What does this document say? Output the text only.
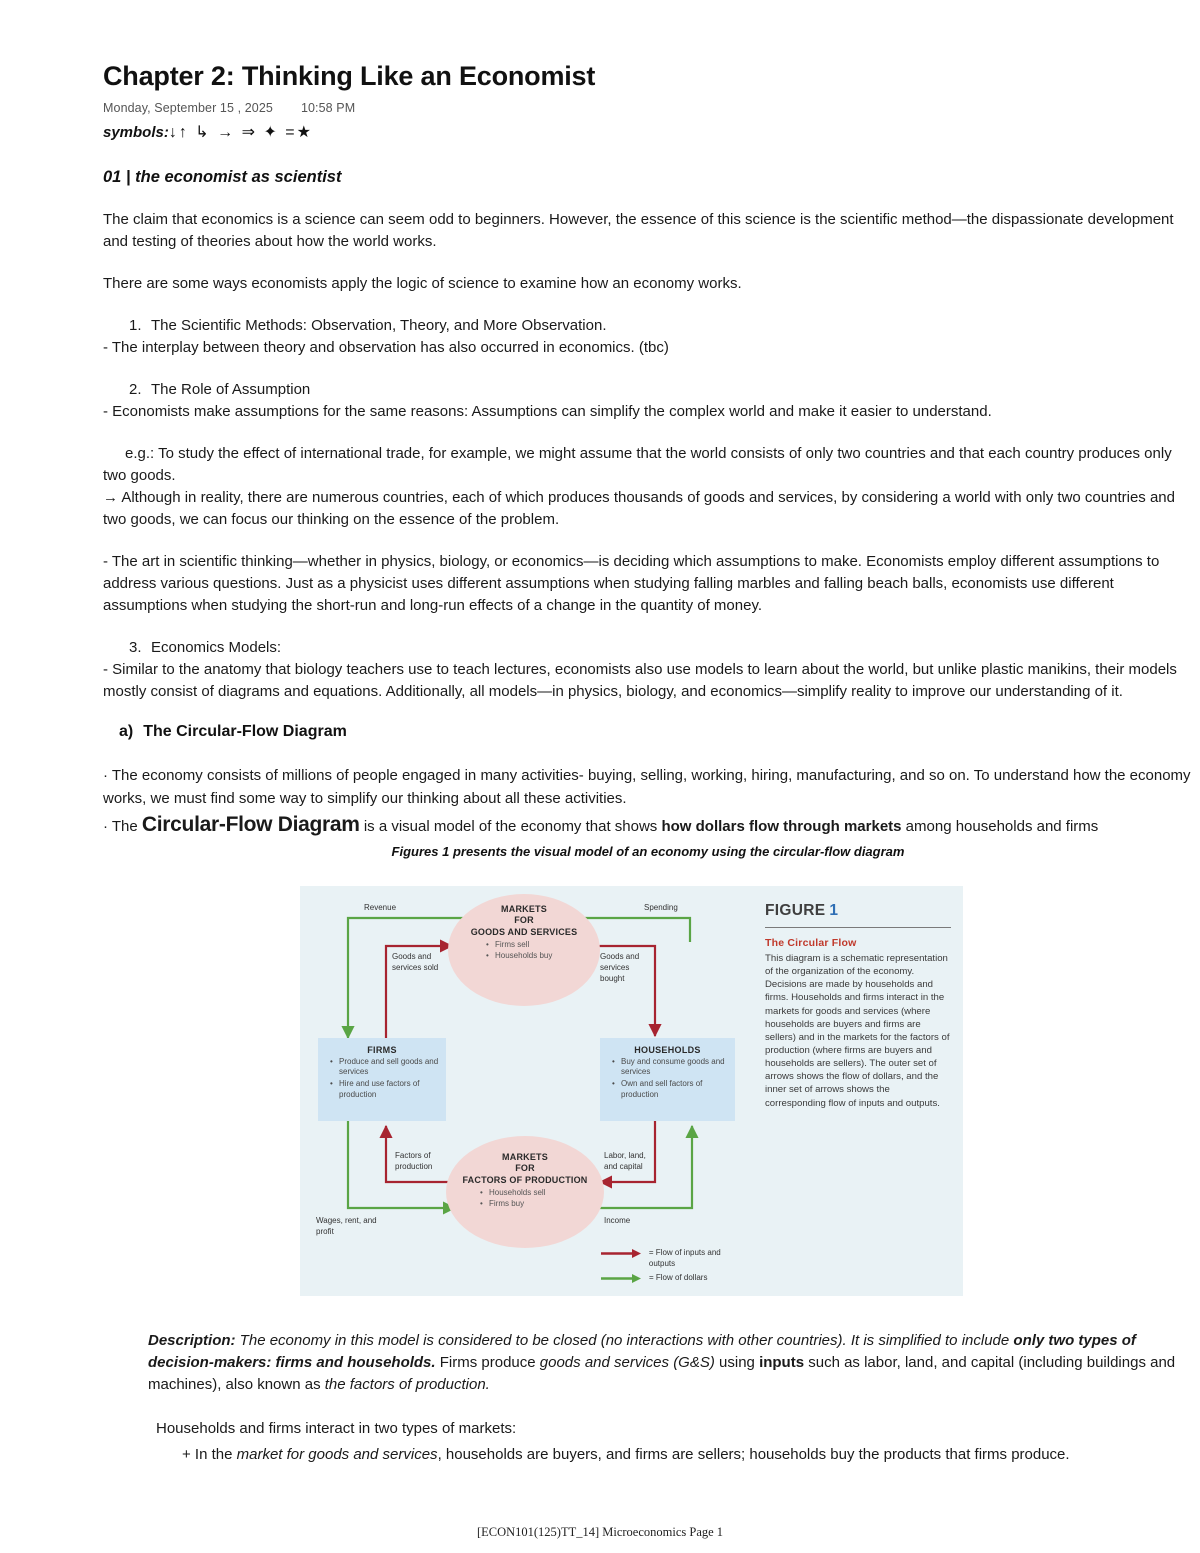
Chapter 2: Thinking Like an Economist
Monday, September 15 , 2025 10:58 PM
symbols:↓↑ ↳ → ⇒ ✦ =★
01 | the economist as scientist

The claim that economics is a science can seem odd to beginners. However, the essence of this science is the scientific method—the dispassionate development and testing of theories about how the world works.

There are some ways economists apply the logic of science to examine how an economy works.

1. The Scientific Methods: Observation, Theory, and More Observation.
- The interplay between theory and observation has also occurred in economics. (tbc)
2. The Role of Assumption
- Economists make assumptions for the same reasons: Assumptions can simplify the complex world and make it easier to understand.
e.g.: To study the effect of international trade, for example, we might assume that the world consists of only two countries and that each country produces only two goods.
→ Although in reality, there are numerous countries, each of which produces thousands of goods and services, by considering a world with only two countries and two goods, we can focus our thinking on the essence of the problem.
- The art in scientific thinking—whether in physics, biology, or economics—is deciding which assumptions to make. Economists employ different assumptions to address various questions. Just as a physicist uses different assumptions when studying falling marbles and falling beach balls, economists use different assumptions when studying the short-run and long-run effects of a change in the quantity of money.
3. Economics Models:
- Similar to the anatomy that biology teachers use to teach lectures, economists also use models to learn about the world, but unlike plastic manikins, their models mostly consist of diagrams and equations. Additionally, all models—in physics, biology, and economics—simplify reality to improve our understanding of it.
a) The Circular-Flow Diagram
· The economy consists of millions of people engaged in many activities- buying, selling, working, hiring, manufacturing, and so on. To understand how the economy works, we must find some way to simplify our thinking about all these activities.
· The Circular-Flow Diagram is a visual model of the economy that shows how dollars flow through markets among households and firms
Figures 1 presents the visual model of an economy using the circular-flow diagram
MARKETS
FOR
GOODS AND SERVICES
• Firms sell
• Households buy
MARKETS
FOR
FACTORS OF PRODUCTION
• Households sell
• Firms buy
FIRMS
• Produce and sell goods and services
• Hire and use factors of production
HOUSEHOLDS
• Buy and consume goods and services
• Own and sell factors of production
Revenue	Spending
Goods and services sold
Goods and services bought
Factors of production
Wages, rent, and profit
Labor, land, and capital
Income
= Flow of inputs and outputs
= Flow of dollars
FIGURE 1
The Circular Flow
This diagram is a schematic representation of the organization of the economy. Decisions are made by households and firms. Households and firms interact in the markets for goods and services (where households are buyers and firms are sellers) and in the markets for the factors of production (where firms are buyers and households are sellers). The outer set of arrows shows the flow of dollars, and the inner set of arrows shows the corresponding flow of inputs and outputs.

Description: The economy in this model is considered to be closed (no interactions with other countries). It is simplified to include only two types of decision-makers: firms and households. Firms produce goods and services (G&S) using inputs such as labor, land, and capital (including buildings and machines), also known as the factors of production.

Households and firms interact in two types of markets:

+ In the market for goods and services, households are buyers, and firms are sellers; households buy the products that firms produce.

[ECON101(125)TT_14] Microeconomics Page 1
